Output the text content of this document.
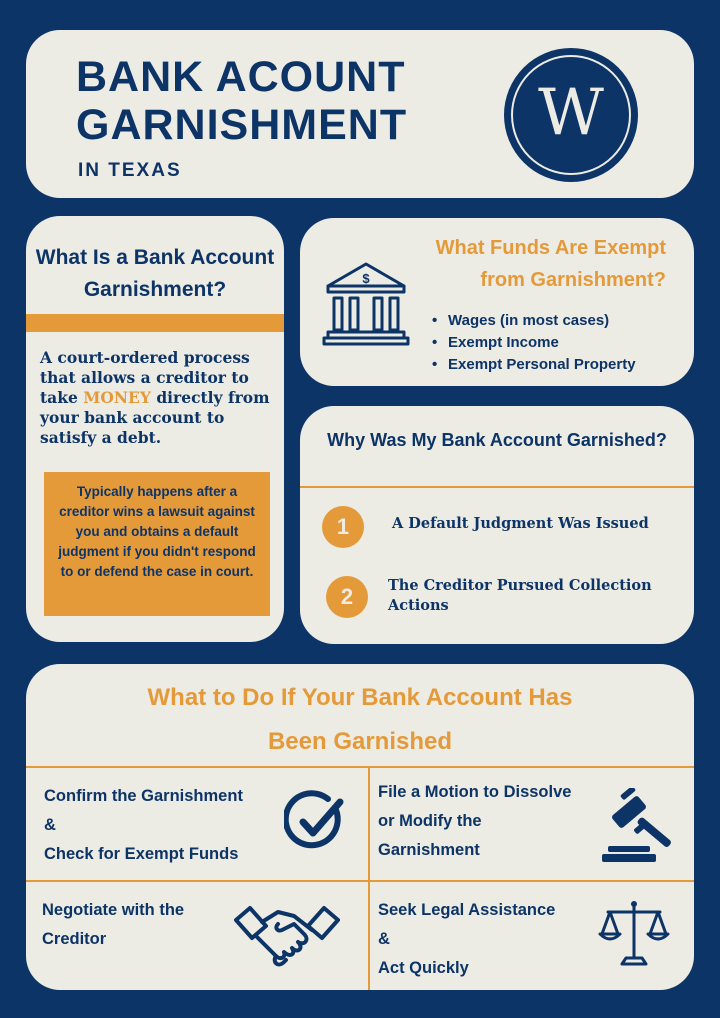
BANK ACOUNT
GARNISHMENT
IN TEXAS
W
What Is a Bank Account Garnishment?
A court-ordered process that allows a creditor to take MONEY directly from your bank account to satisfy a debt.
Typically happens after a creditor wins a lawsuit against you and obtains a default judgment if you didn't respond to or defend the case in court.
What Funds Are Exempt from Garnishment?
$
• Wages (in most cases)
• Exempt Income
• Exempt Personal Property
Why Was My Bank Account Garnished?
1	A Default Judgment Was Issued
2	The Creditor Pursued Collection Actions
What to Do If Your Bank Account Has
Been Garnished
Confirm the Garnishment
&
Check for Exempt Funds
File a Motion to Dissolve
or Modify the
Garnishment
Negotiate with the
Creditor
Seek Legal Assistance
&
Act Quickly
